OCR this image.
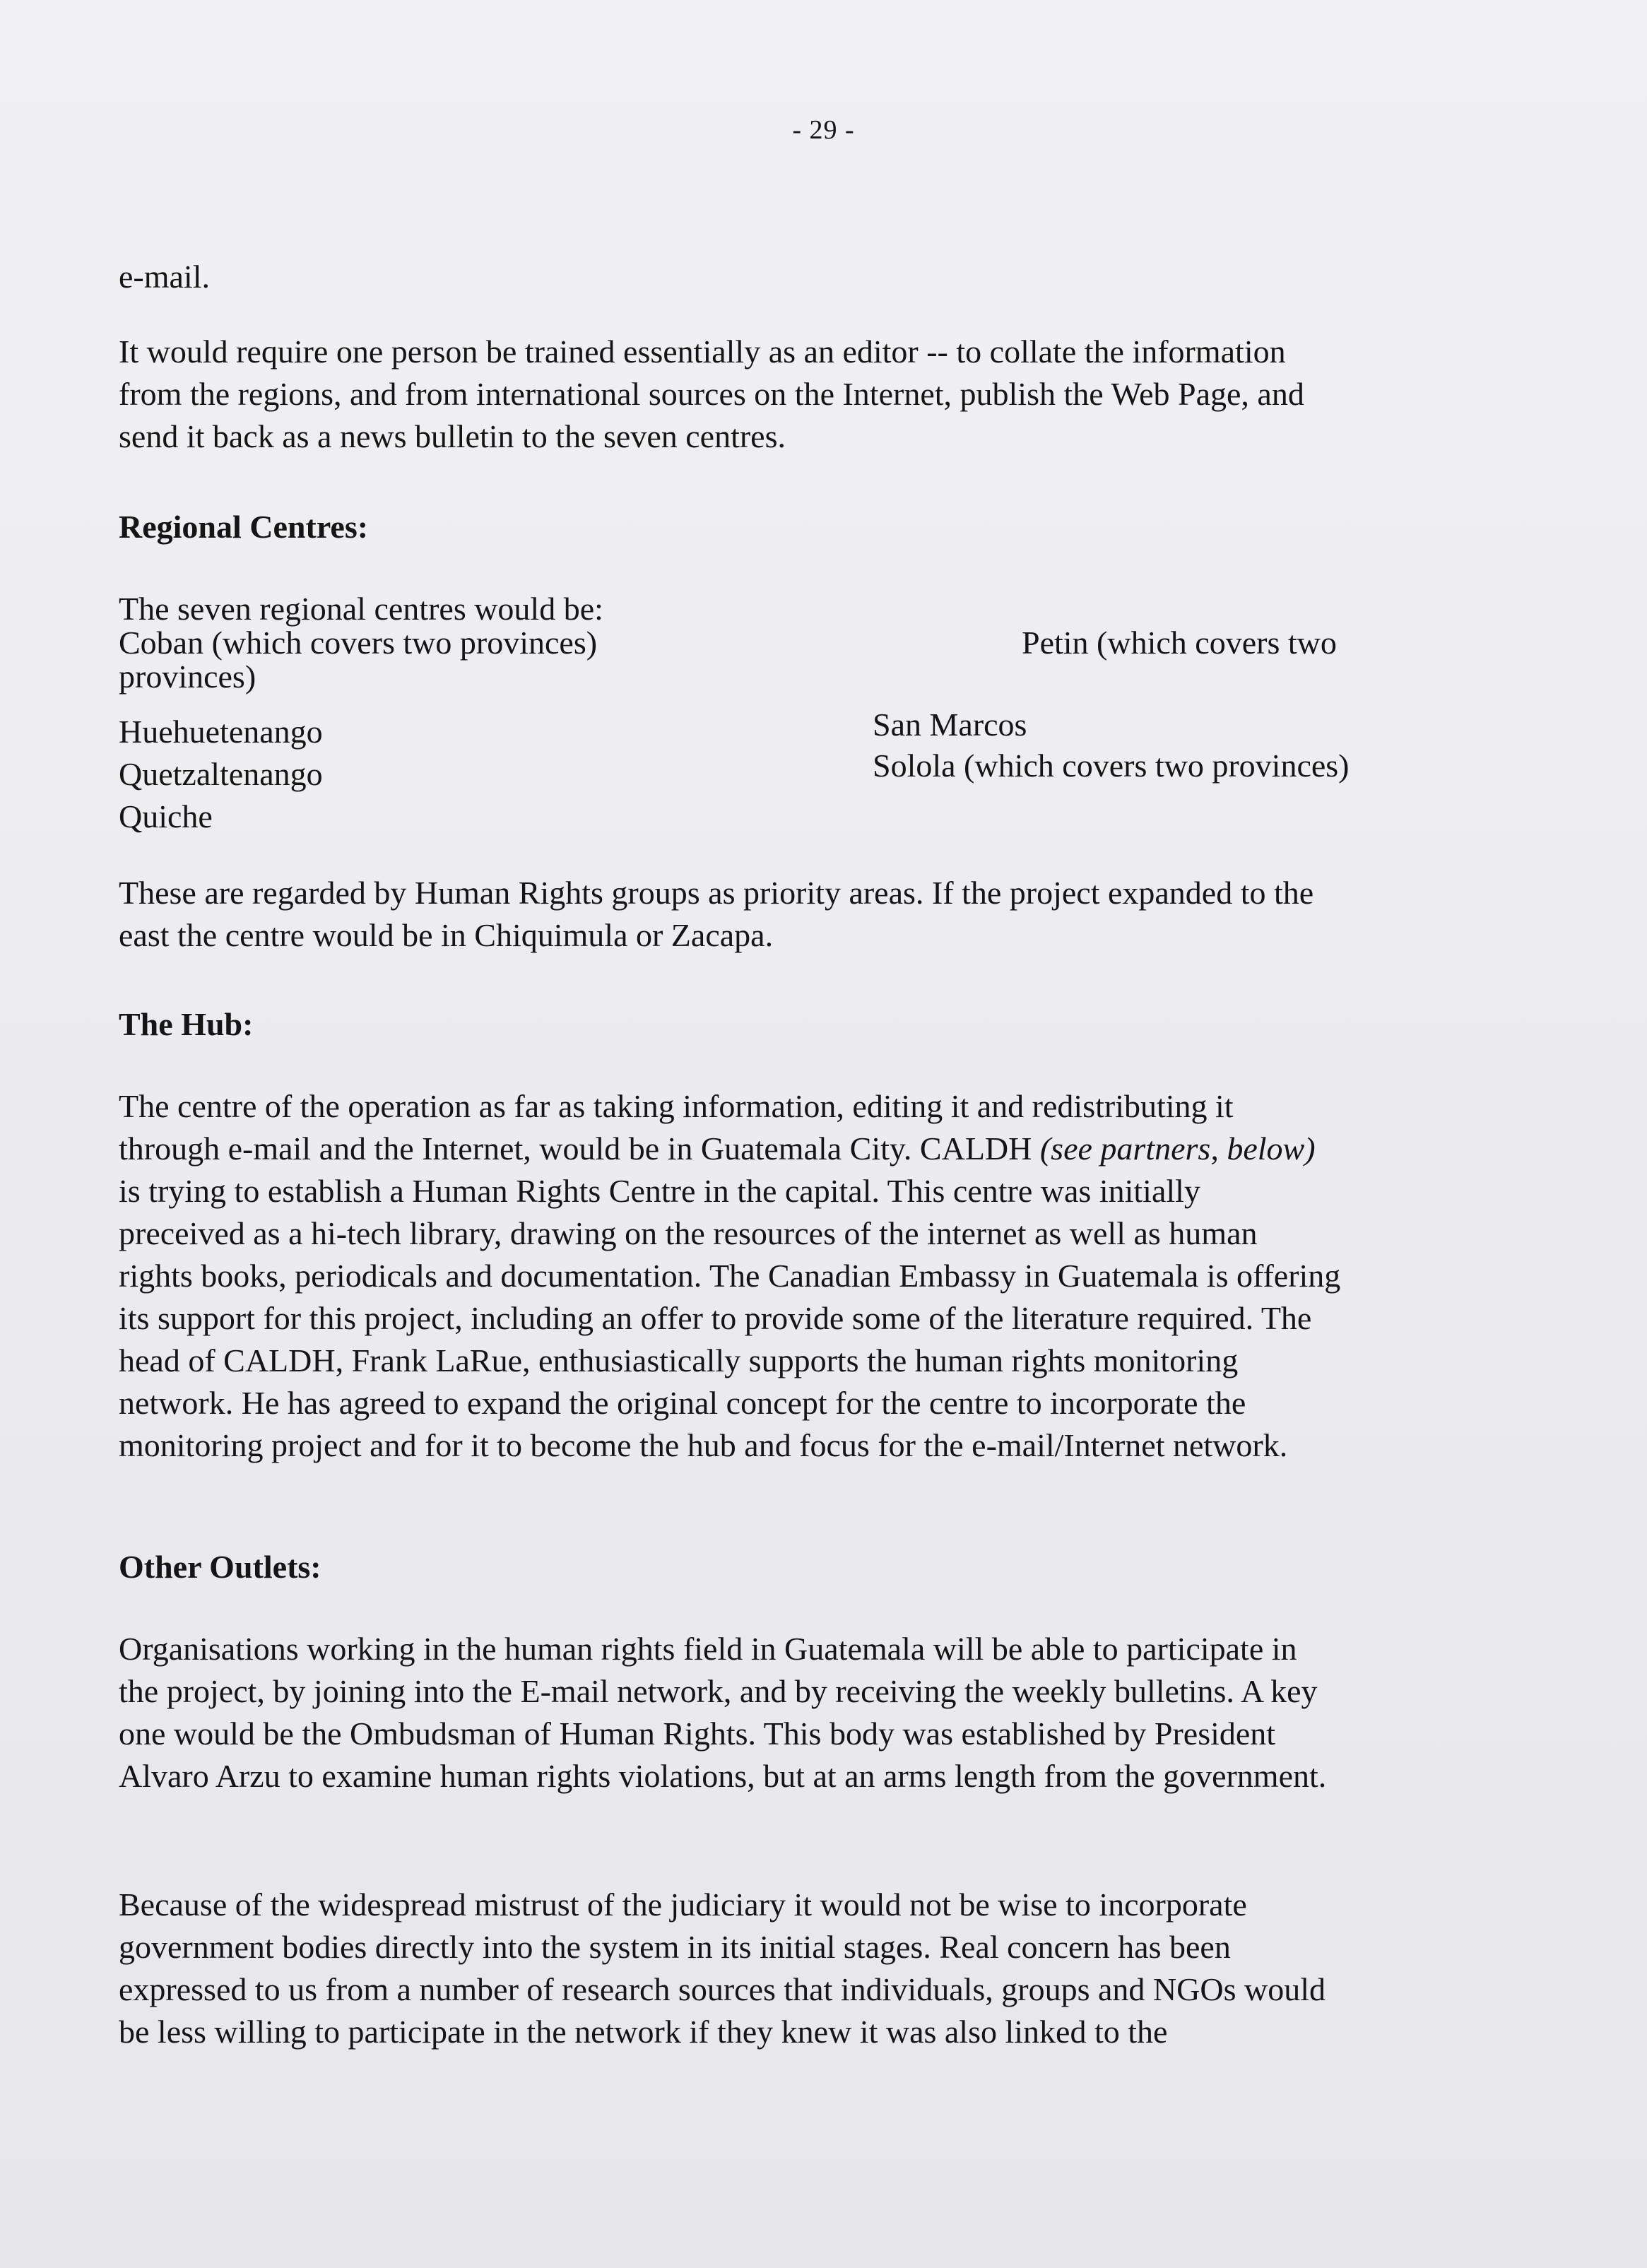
- 29 -
e-mail.
It would require one person be trained essentially as an editor -- to collate the information
from the regions, and from international sources on the Internet, publish the Web Page, and
send it back as a news bulletin to the seven centres.
Regional Centres:
The seven regional centres would be:
Coban (which covers two provinces)	Petin (which covers two
provinces)
Huehuetenango	San Marcos
Quetzaltenango	Solola (which covers two provinces)
Quiche
These are regarded by Human Rights groups as priority areas. If the project expanded to the
east the centre would be in Chiquimula or Zacapa.
The Hub:
The centre of the operation as far as taking information, editing it and redistributing it
through e-mail and the Internet, would be in Guatemala City. CALDH (see partners, below)
is trying to establish a Human Rights Centre in the capital. This centre was initially
preceived as a hi-tech library, drawing on the resources of the internet as well as human
rights books, periodicals and documentation. The Canadian Embassy in Guatemala is offering
its support for this project, including an offer to provide some of the literature required. The
head of CALDH, Frank LaRue, enthusiastically supports the human rights monitoring
network. He has agreed to expand the original concept for the centre to incorporate the
monitoring project and for it to become the hub and focus for the e-mail/Internet network.
Other Outlets:
Organisations working in the human rights field in Guatemala will be able to participate in
the project, by joining into the E-mail network, and by receiving the weekly bulletins. A key
one would be the Ombudsman of Human Rights. This body was established by President
Alvaro Arzu to examine human rights violations, but at an arms length from the government.
Because of the widespread mistrust of the judiciary it would not be wise to incorporate
government bodies directly into the system in its initial stages. Real concern has been
expressed to us from a number of research sources that individuals, groups and NGOs would
be less willing to participate in the network if they knew it was also linked to the
